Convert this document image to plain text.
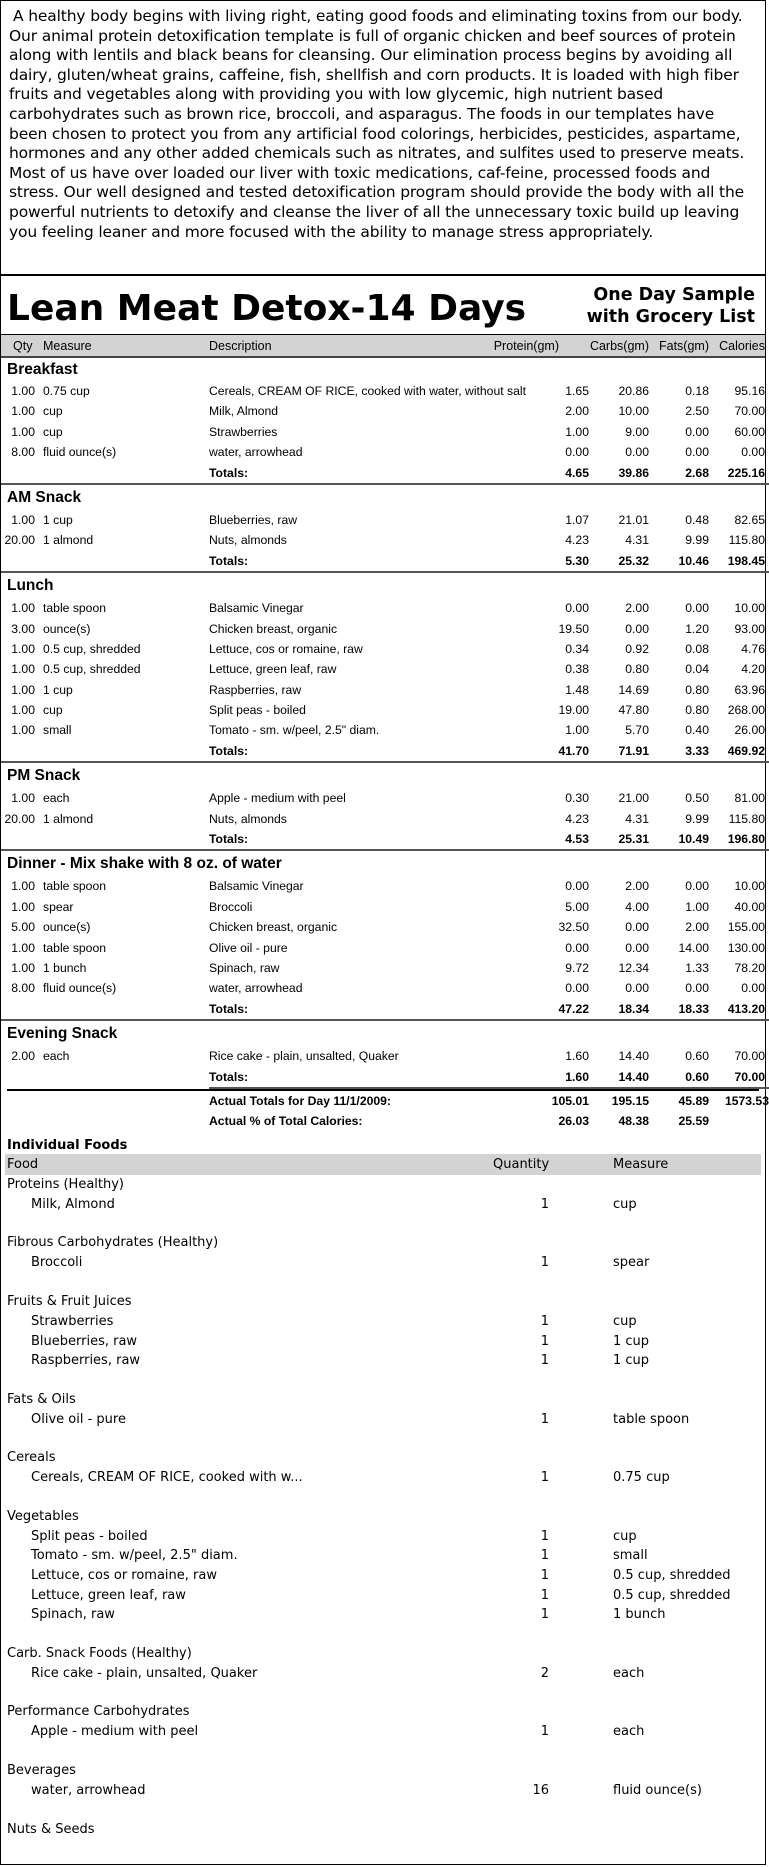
A healthy body begins with living right, eating good foods and eliminating toxins from our body. Our animal protein detoxification template is full of organic chicken and beef sources of protein along with lentils and black beans for cleansing. Our elimination process begins by avoiding all dairy, gluten/wheat grains, caffeine, fish, shellfish and corn products. It is loaded with high fiber fruits and vegetables along with providing you with low glycemic, high nutrient based carbohydrates such as brown rice, broccoli, and asparagus. The foods in our templates have been chosen to protect you from any artificial food colorings, herbicides, pesticides, aspartame, hormones and any other added chemicals such as nitrates, and sulfites used to preserve meats. Most of us have over loaded our liver with toxic medications, caf-feine, processed foods and stress. Our well designed and tested detoxification program should provide the body with all the powerful nutrients to detoxify and cleanse the liver of all the unnecessary toxic build up leaving you feeling leaner and more focused with the ability to manage stress appropriately.

Lean Meat Detox-14 Days	One Day Sample
with Grocery List
Qty Measure	Description	Protein(gm) Carbs(gm) Fats(gm) Calories
Breakfast
1.00 0.75 cup	Cereals, CREAM OF RICE, cooked with water, without salt	1.65	20.86	0.18	95.16
1.00 cup	Milk, Almond	2.00	10.00	2.50	70.00
1.00 cup	Strawberries	1.00	9.00	0.00	60.00
8.00 fluid ounce(s)	water, arrowhead	0.00	0.00	0.00	0.00
Totals:	4.65	39.86	2.68	225.16
AM Snack
1.00 1 cup	Blueberries, raw	1.07	21.01	0.48	82.65
20.00 1 almond	Nuts, almonds	4.23	4.31	9.99	115.80
Totals:	5.30	25.32	10.46	198.45
Lunch
1.00 table spoon	Balsamic Vinegar	0.00	2.00	0.00	10.00
3.00 ounce(s)	Chicken breast, organic	19.50	0.00	1.20	93.00
1.00 0.5 cup, shredded	Lettuce, cos or romaine, raw	0.34	0.92	0.08	4.76
1.00 0.5 cup, shredded	Lettuce, green leaf, raw	0.38	0.80	0.04	4.20
1.00 1 cup	Raspberries, raw	1.48	14.69	0.80	63.96
1.00 cup	Split peas - boiled	19.00	47.80	0.80	268.00
1.00 small	Tomato - sm. w/peel, 2.5" diam.	1.00	5.70	0.40	26.00
Totals:	41.70	71.91	3.33	469.92
PM Snack
1.00 each	Apple - medium with peel	0.30	21.00	0.50	81.00
20.00 1 almond	Nuts, almonds	4.23	4.31	9.99	115.80
Totals:	4.53	25.31	10.49	196.80
Dinner - Mix shake with 8 oz. of water
1.00 table spoon	Balsamic Vinegar	0.00	2.00	0.00	10.00
1.00 spear	Broccoli	5.00	4.00	1.00	40.00
5.00 ounce(s)	Chicken breast, organic	32.50	0.00	2.00	155.00
1.00 table spoon	Olive oil - pure	0.00	0.00	14.00	130.00
1.00 1 bunch	Spinach, raw	9.72	12.34	1.33	78.20
8.00 fluid ounce(s)	water, arrowhead	0.00	0.00	0.00	0.00
Totals:	47.22	18.34	18.33	413.20
Evening Snack
2.00 each	Rice cake - plain, unsalted, Quaker	1.60	14.40	0.60	70.00
Totals:	1.60	14.40	0.60	70.00
Actual Totals for Day 11/1/2009:	105.01	195.15	45.89	1573.53
Actual % of Total Calories:	26.03	48.38	25.59
Individual Foods
Food	Quantity	Measure
Proteins (Healthy)
Milk, Almond	1	cup
Fibrous Carbohydrates (Healthy)
Broccoli	1	spear
Fruits & Fruit Juices
Strawberries	1	cup
Blueberries, raw	1	1 cup
Raspberries, raw	1	1 cup
Fats & Oils
Olive oil - pure	1	table spoon
Cereals
Cereals, CREAM OF RICE, cooked with w...	1	0.75 cup
Vegetables
Split peas - boiled	1	cup
Tomato - sm. w/peel, 2.5" diam.	1	small
Lettuce, cos or romaine, raw	1	0.5 cup, shredded
Lettuce, green leaf, raw	1	0.5 cup, shredded
Spinach, raw	1	1 bunch
Carb. Snack Foods (Healthy)
Rice cake - plain, unsalted, Quaker	2	each
Performance Carbohydrates
Apple - medium with peel	1	each
Beverages
water, arrowhead	16	fluid ounce(s)
Nuts & Seeds
